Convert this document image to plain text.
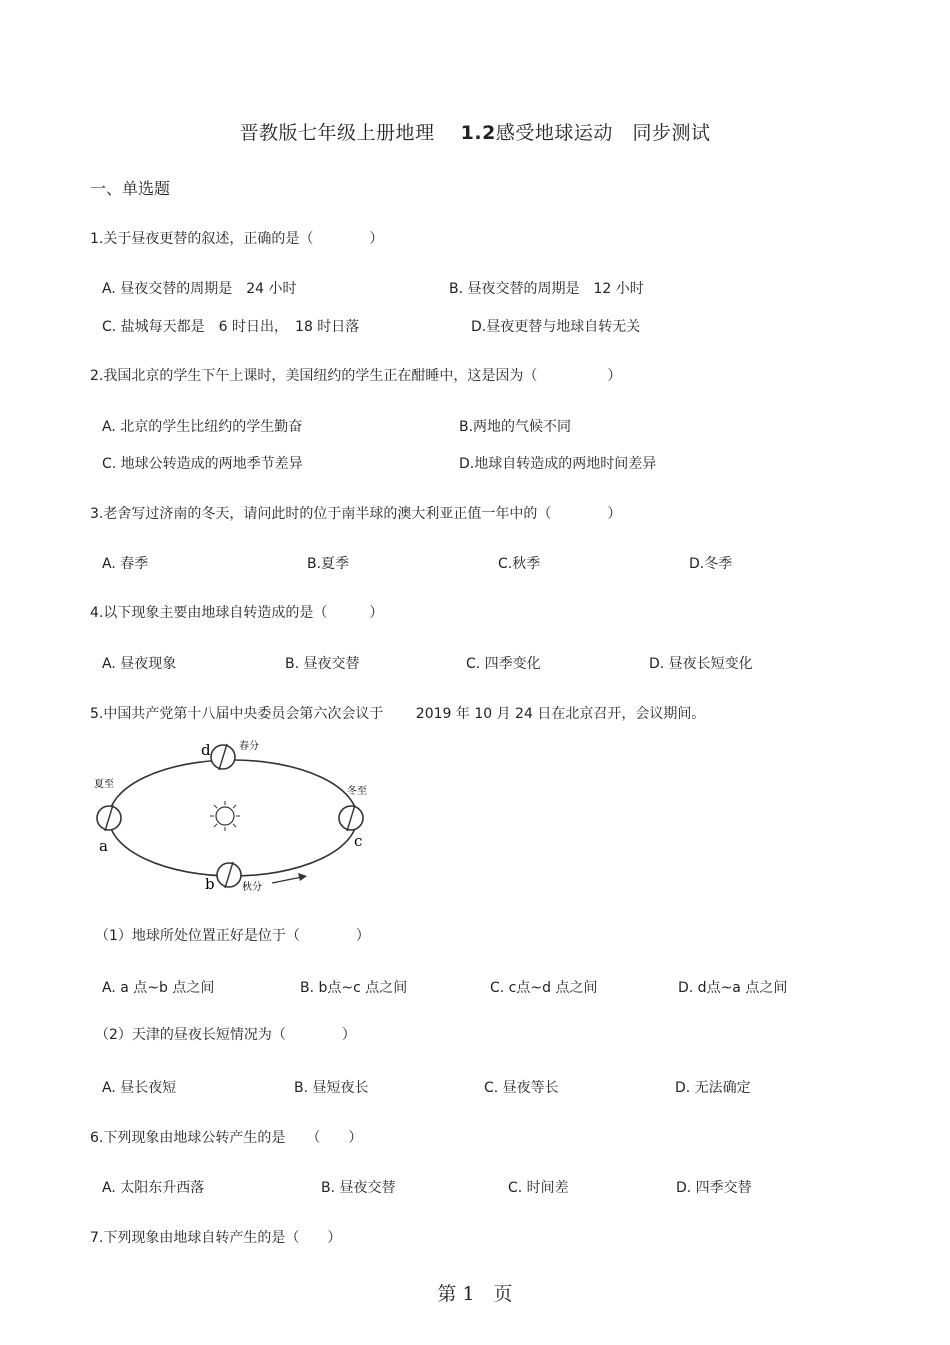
晋教版七年级上册地理 1.2感受地球运动 同步测试
一、单选题
1.关于昼夜更替的叙述，正确的是（　　　　）
A. 昼夜交替的周期是　24 小时	B. 昼夜交替的周期是　12 小时
C. 盐城每天都是　6 时日出，　18 时日落	D.昼夜更替与地球自转无关
2.我国北京的学生下午上课时，美国纽约的学生正在酣睡中，这是因为（　　　　　）
A. 北京的学生比纽约的学生勤奋	B.两地的气候不同
C. 地球公转造成的两地季节差异	D.地球自转造成的两地时间差异
3.老舍写过济南的冬天，请问此时的位于南半球的澳大利亚正值一年中的（　　　　）
A. 春季	B.夏季	C.秋季	D.冬季
4.以下现象主要由地球自转造成的是（　　　）
A. 昼夜现象	B. 昼夜交替	C. 四季变化	D. 昼夜长短变化
5.中国共产党第十八届中央委员会第六次会议于　　 2019 年 10 月 24 日在北京召开，会议期间。
a
b
c
d
夏至
冬至
春分
秋分
（1）地球所处位置正好是位于（　　　　）
A. a 点~b 点之间	B. b点~c 点之间	C. c点~d 点之间	D. d点~a 点之间
（2）天津的昼夜长短情况为（　　　　）
A. 昼长夜短	B. 昼短夜长	C. 昼夜等长	D. 无法确定
6.下列现象由地球公转产生的是　　（　　）
A. 太阳东升西落	B. 昼夜交替	C. 时间差	D. 四季交替
7.下列现象由地球自转产生的是（　　）
第 1　页
